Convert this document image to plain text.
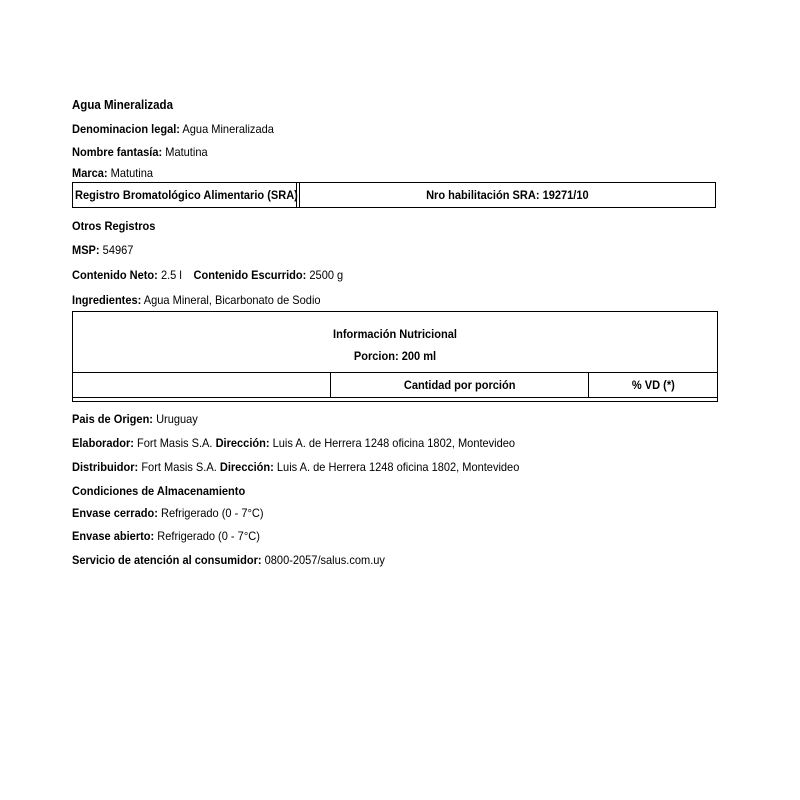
Agua Mineralizada
Denominacion legal: Agua Mineralizada
Nombre fantasía: Matutina
Marca: Matutina
Registro Bromatológico Alimentario (SRA)	Nro habilitación SRA: 19271/10
Otros Registros
MSP: 54967
Contenido Neto: 2.5 l Contenido Escurrido: 2500 g
Ingredientes: Agua Mineral, Bicarbonato de Sodio
Información Nutricional
Porcion: 200 ml
Cantidad por porción	% VD (*)
Pais de Origen: Uruguay
Elaborador: Fort Masis S.A. Dirección: Luis A. de Herrera 1248 oficina 1802, Montevideo
Distribuidor: Fort Masis S.A. Dirección: Luis A. de Herrera 1248 oficina 1802, Montevideo
Condiciones de Almacenamiento
Envase cerrado: Refrigerado (0 - 7°C)
Envase abierto: Refrigerado (0 - 7°C)
Servicio de atención al consumidor: 0800-2057/salus.com.uy
